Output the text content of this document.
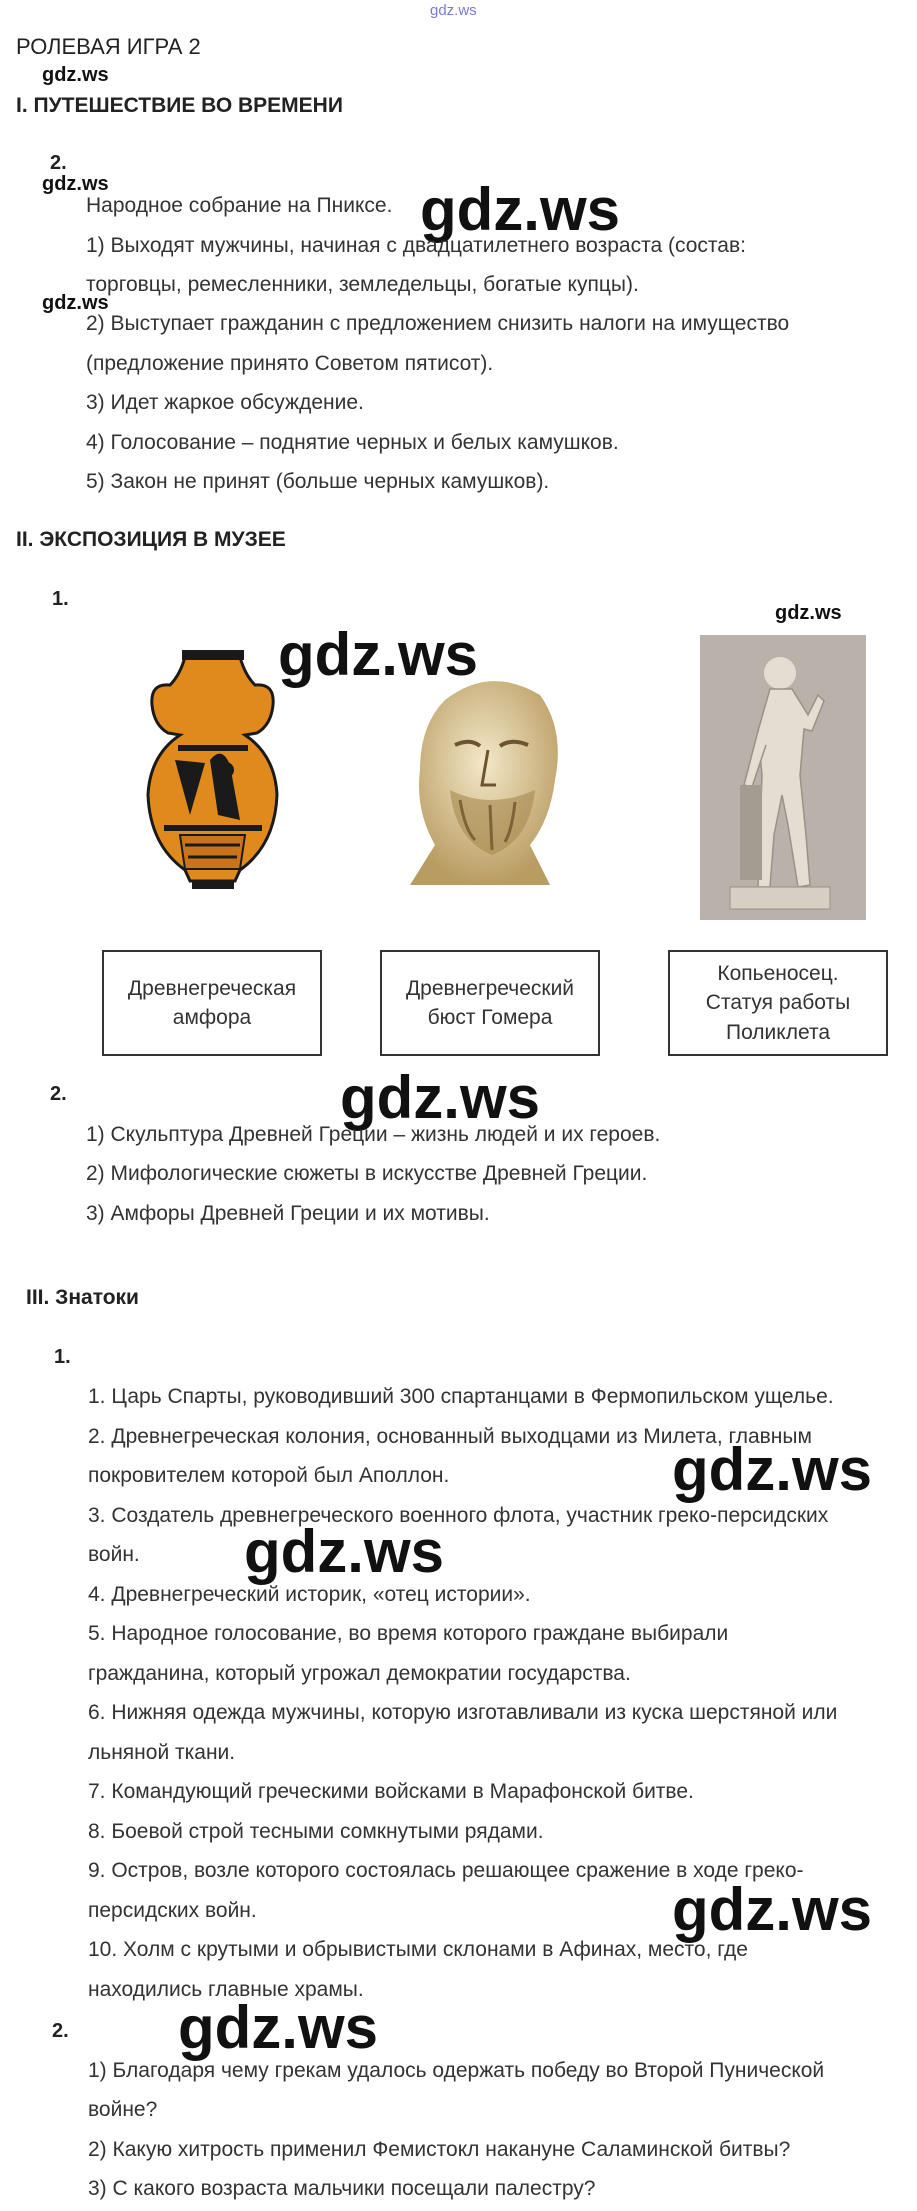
gdz.ws
gdz.ws
gdz.ws
gdz.ws
gdz.ws
gdz.ws
gdz.ws
gdz.ws
gdz.ws
gdz.ws
gdz.ws
gdz.ws
РОЛЕВАЯ ИГРА 2
I. ПУТЕШЕСТВИЕ ВО ВРЕМЕНИ
2.
Народное собрание на Пниксе.
1) Выходят мужчины, начиная с двадцатилетнего возраста (состав:
торговцы, ремесленники, земледельцы, богатые купцы).
2) Выступает гражданин с предложением снизить налоги на имущество
(предложение принято Советом пятисот).
3) Идет жаркое обсуждение.
4) Голосование – поднятие черных и белых камушков.
5) Закон не принят (больше черных камушков).
II. ЭКСПОЗИЦИЯ В МУЗЕЕ
1.
Древнегреческая
амфора
Древнегреческий
бюст Гомера
Копьеносец.
Статуя работы
Поликлета
2.
1) Скульптура Древней Греции – жизнь людей и их героев.
2) Мифологические сюжеты в искусстве Древней Греции.
3) Амфоры Древней Греции и их мотивы.
III. Знатоки
1.
1. Царь Спарты, руководивший 300 спартанцами в Фермопильском ущелье.
2. Древнегреческая колония, основанный выходцами из Милета, главным
покровителем которой был Аполлон.
3. Создатель древнегреческого военного флота, участник греко-персидских
войн.
4. Древнегреческий историк, «отец истории».
5. Народное голосование, во время которого граждане выбирали
гражданина, который угрожал демократии государства.
6. Нижняя одежда мужчины, которую изготавливали из куска шерстяной или
льняной ткани.
7. Командующий греческими войсками в Марафонской битве.
8. Боевой строй тесными сомкнутыми рядами.
9. Остров, возле которого состоялась решающее сражение в ходе греко-
персидских войн.
10. Холм с крутыми и обрывистыми склонами в Афинах, место, где
находились главные храмы.
2.
1) Благодаря чему грекам удалось одержать победу во Второй Пунической
войне?
2) Какую хитрость применил Фемистокл накануне Саламинской битвы?
3) С какого возраста мальчики посещали палестру?
